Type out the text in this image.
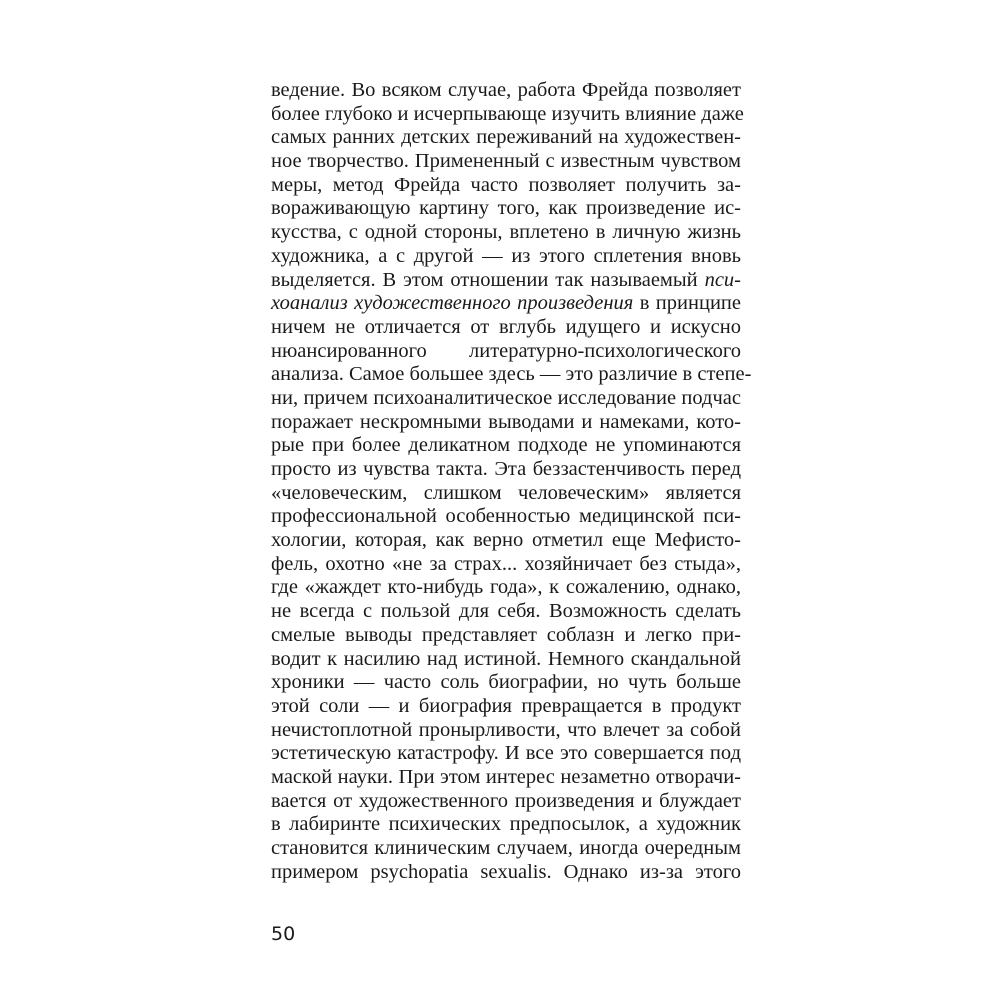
ведение. Во всяком случае, работа Фрейда позволяет
более глубоко и исчерпывающе изучить влияние даже
самых ранних детских переживаний на художествен-
ное творчество. Примененный с известным чувством
меры, метод Фрейда часто позволяет получить за-
вораживающую картину того, как произведение ис-
кусства, с одной стороны, вплетено в личную жизнь
художника, а с другой — из этого сплетения вновь
выделяется. В этом отношении так называемый пси-
хоанализ художественного произведения в принципе
ничем не отличается от вглубь идущего и искусно
нюансированного литературно-психологического
анализа. Самое большее здесь — это различие в степе-
ни, причем психоаналитическое исследование подчас
поражает нескромными выводами и намеками, кото-
рые при более деликатном подходе не упоминаются
просто из чувства такта. Эта беззастенчивость перед
«человеческим, слишком человеческим» является
профессиональной особенностью медицинской пси-
хологии, которая, как верно отметил еще Мефисто-
фель, охотно «не за страх... хозяйничает без стыда»,
где «жаждет кто-нибудь года», к сожалению, однако,
не всегда с пользой для себя. Возможность сделать
смелые выводы представляет соблазн и легко при-
водит к насилию над истиной. Немного скандальной
хроники — часто соль биографии, но чуть больше
этой соли — и биография превращается в продукт
нечистоплотной пронырливости, что влечет за собой
эстетическую катастрофу. И все это совершается под
маской науки. При этом интерес незаметно отворачи-
вается от художественного произведения и блуждает
в лабиринте психических предпосылок, а художник
становится клиническим случаем, иногда очередным
примером psychopatia sexualis. Однако из-за этого
50
